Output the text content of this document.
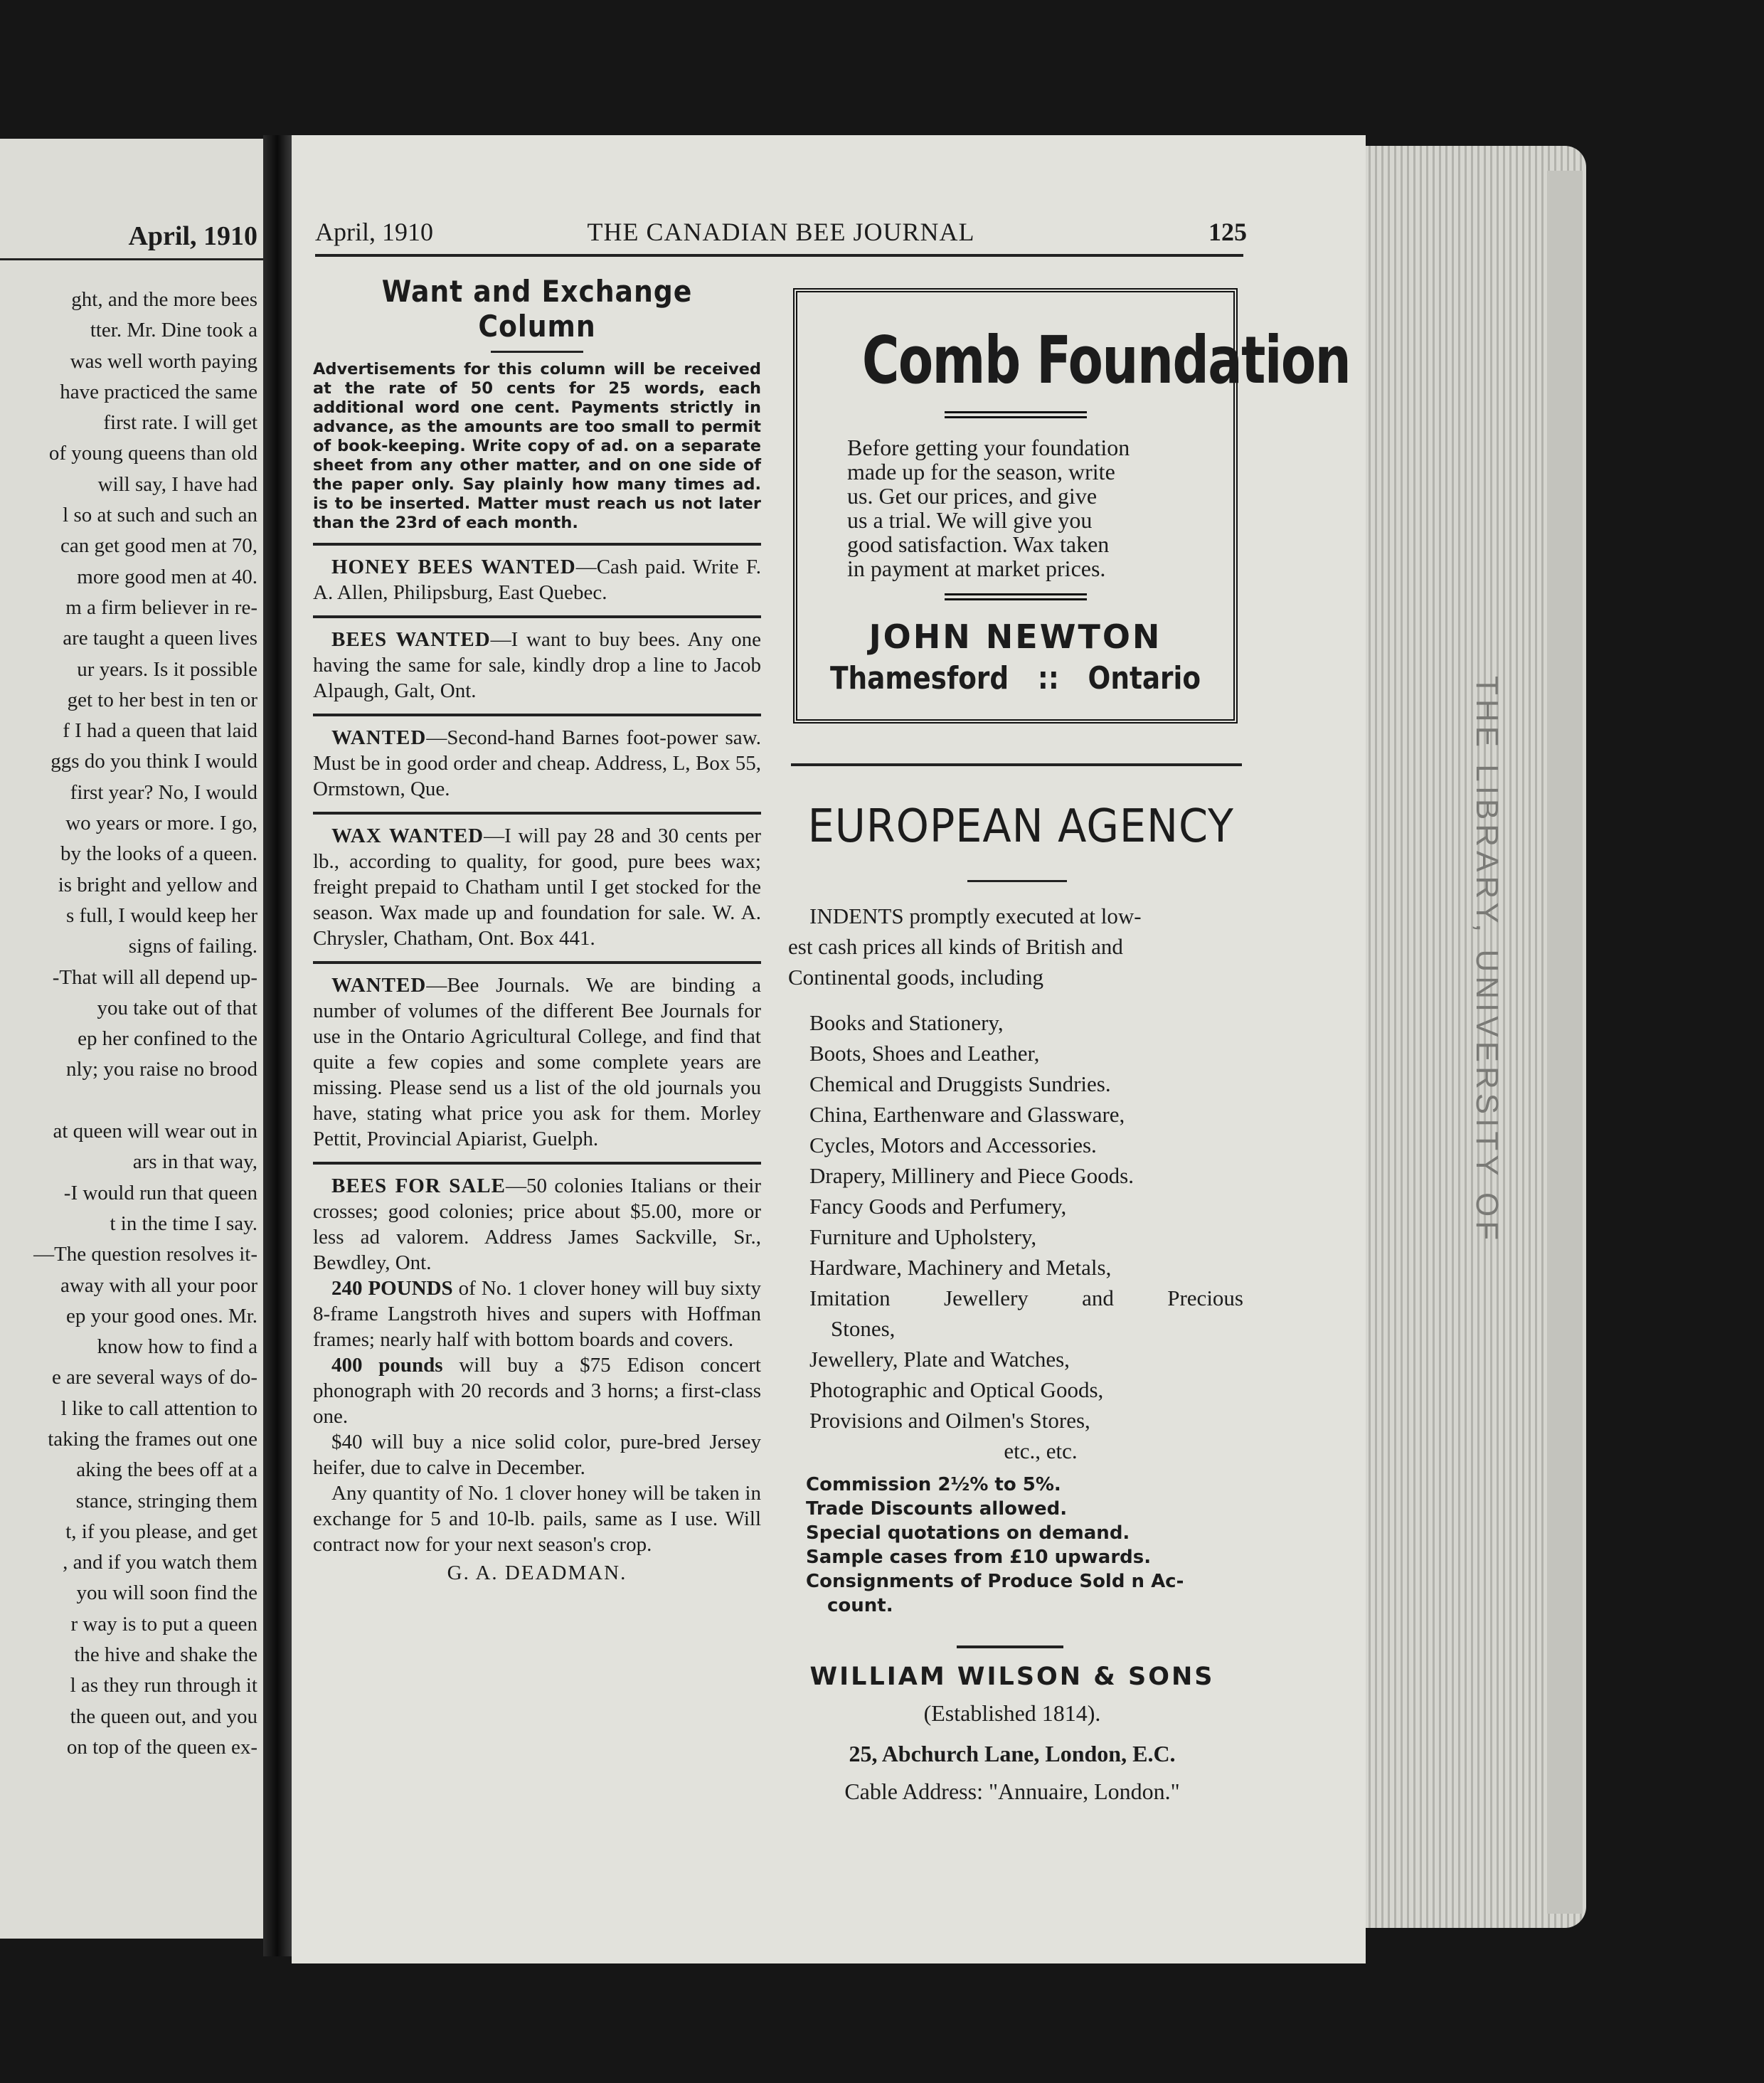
April, 1910
ght, and the more bees
tter. Mr. Dine took a
was well worth paying
have practiced the same
first rate. I will get
of young queens than old
will say, I have had
l so at such and such an
can get good men at 70,
more good men at 40.
m a firm believer in re-
are taught a queen lives
ur years. Is it possible
get to her best in ten or
f I had a queen that laid
ggs do you think I would
first year? No, I would
wo years or more. I go,
by the looks of a queen.
is bright and yellow and
s full, I would keep her
signs of failing.
-That will all depend up-
you take out of that
ep her confined to the
nly; you raise no brood

at queen will wear out in
ars in that way,
-I would run that queen
t in the time I say.
—The question resolves it-
away with all your poor
ep your good ones. Mr.
know how to find a
e are several ways of do-
l like to call attention to
taking the frames out one
aking the bees off at a
stance, stringing them
t, if you please, and get
, and if you watch them
you will soon find the
r way is to put a queen
the hive and shake the
l as they run through it
the queen out, and you
on top of the queen ex-
THE LIBRARY, UNIVERSITY OF
April, 1910	THE CANADIAN BEE JOURNAL	125
Want and Exchange Column
Advertisements for this column will be received at the rate of 50 cents for 25 words, each additional word one cent. Payments strictly in advance, as the amounts are too small to permit of book-keeping. Write copy of ad. on a separate sheet from any other matter, and on one side of the paper only. Say plainly how many times ad. is to be inserted. Matter must reach us not later than the 23rd of each month.

HONEY BEES WANTED—Cash paid. Write F. A. Allen, Philipsburg, East Quebec.

BEES WANTED—I want to buy bees. Any one having the same for sale, kindly drop a line to Jacob Alpaugh, Galt, Ont.

WANTED—Second-hand Barnes foot-power saw. Must be in good order and cheap. Address, L, Box 55, Ormstown, Que.

WAX WANTED—I will pay 28 and 30 cents per lb., according to quality, for good, pure bees wax; freight prepaid to Chatham until I get stocked for the season. Wax made up and foundation for sale. W. A. Chrysler, Chatham, Ont. Box 441.

WANTED—Bee Journals. We are binding a number of volumes of the different Bee Journals for use in the Ontario Agricultural College, and find that quite a few copies and some complete years are missing. Please send us a list of the old journals you have, stating what price you ask for them. Morley Pettit, Provincial Apiarist, Guelph.

BEES FOR SALE—50 colonies Italians or their crosses; good colonies; price about $5.00, more or less ad valorem. Address James Sackville, Sr., Bewdley, Ont.

240 POUNDS of No. 1 clover honey will buy sixty 8-frame Langstroth hives and supers with Hoffman frames; nearly half with bottom boards and covers.

400 pounds will buy a $75 Edison concert phonograph with 20 records and 3 horns; a first-class one.

$40 will buy a nice solid color, pure-bred Jersey heifer, due to calve in December.

Any quantity of No. 1 clover honey will be taken in exchange for 5 and 10-lb. pails, same as I use. Will contract now for your next season's crop.

G. A. DEADMAN.

Comb Foundation
Before getting your foundation
made up for the season, write
us. Get our prices, and give
us a trial. We will give you
good satisfaction. Wax taken
in payment at market prices.
JOHN NEWTON
Thamesford :: Ontario
EUROPEAN AGENCY
INDENTS promptly executed at low-
est cash prices all kinds of British and
Continental goods, including
Books and Stationery,
Boots, Shoes and Leather,
Chemical and Druggists Sundries.
China, Earthenware and Glassware,
Cycles, Motors and Accessories.
Drapery, Millinery and Piece Goods.
Fancy Goods and Perfumery,
Furniture and Upholstery,
Hardware, Machinery and Metals,
Imitation Jewellery and Precious
Stones,
Jewellery, Plate and Watches,
Photographic and Optical Goods,
Provisions and Oilmen's Stores,
etc., etc.
Commission 2½% to 5%.
Trade Discounts allowed.
Special quotations on demand.
Sample cases from £10 upwards.
Consignments of Produce Sold n Ac-
count.
WILLIAM WILSON & SONS
(Established 1814).
25, Abchurch Lane, London, E.C.
Cable Address: "Annuaire, London."
